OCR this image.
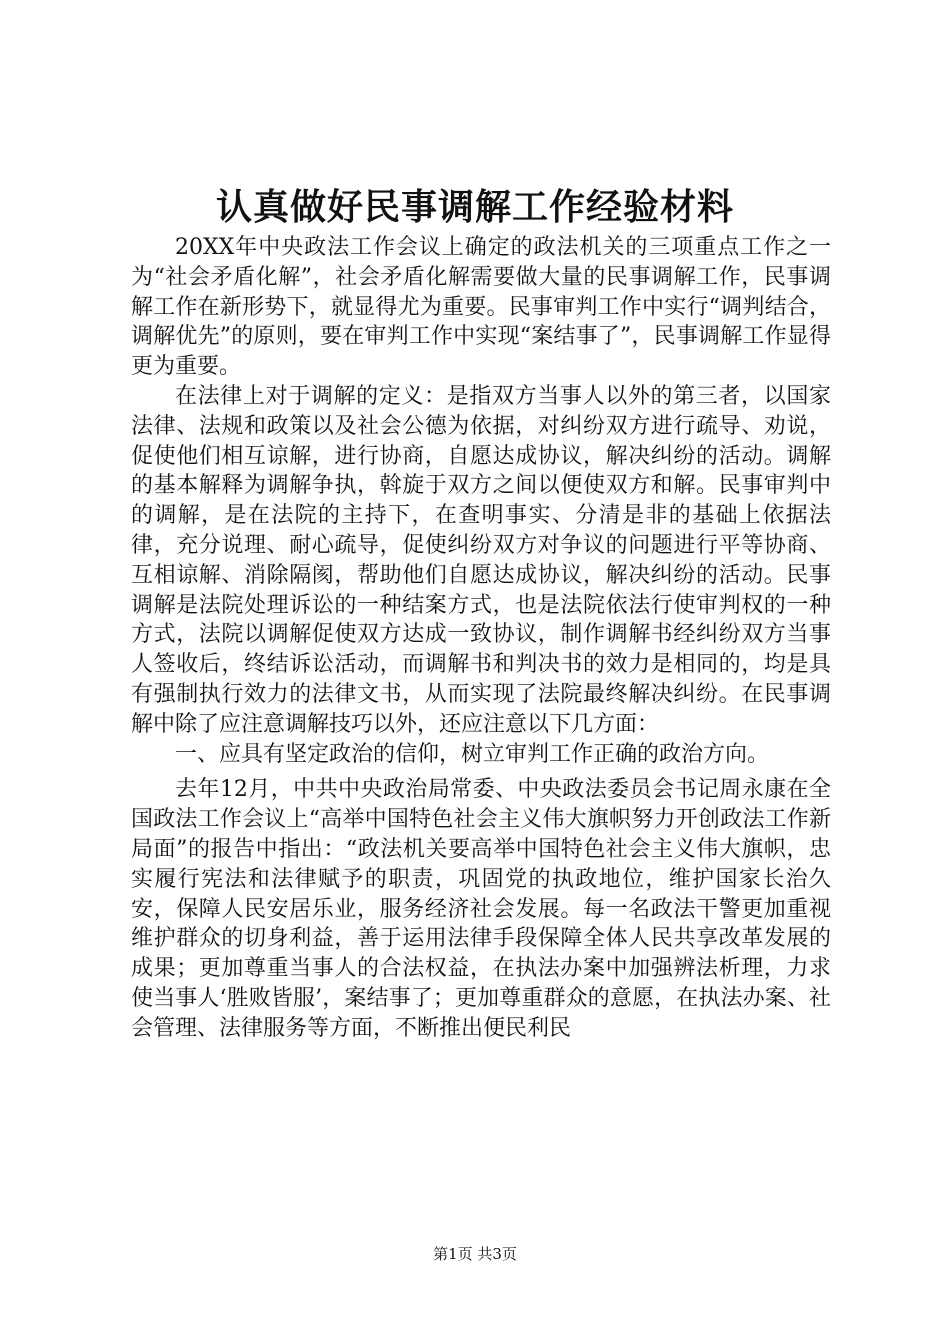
认真做好民事调解工作经验材料

20XX年中央政法工作会议上确定的政法机关的三项重点工作之一为“社会矛盾化解”，社会矛盾化解需要做大量的民事调解工作，民事调解工作在新形势下，就显得尤为重要。民事审判工作中实行“调判结合，调解优先”的原则，要在审判工作中实现“案结事了”，民事调解工作显得更为重要。

在法律上对于调解的定义：是指双方当事人以外的第三者，以国家法律、法规和政策以及社会公德为依据，对纠纷双方进行疏导、劝说，促使他们相互谅解，进行协商，自愿达成协议，解决纠纷的活动。调解的基本解释为调解争执，斡旋于双方之间以便使双方和解。民事审判中的调解，是在法院的主持下，在查明事实、分清是非的基础上依据法律，充分说理、耐心疏导，促使纠纷双方对争议的问题进行平等协商、互相谅解、消除隔阂，帮助他们自愿达成协议，解决纠纷的活动。民事调解是法院处理诉讼的一种结案方式，也是法院依法行使审判权的一种方式，法院以调解促使双方达成一致协议，制作调解书经纠纷双方当事人签收后，终结诉讼活动，而调解书和判决书的效力是相同的，均是具有强制执行效力的法律文书，从而实现了法院最终解决纠纷。在民事调解中除了应注意调解技巧以外，还应注意以下几方面：

一、应具有坚定政治的信仰，树立审判工作正确的政治方向。

去年12月，中共中央政治局常委、中央政法委员会书记周永康在全国政法工作会议上“高举中国特色社会主义伟大旗帜努力开创政法工作新局面”的报告中指出：“政法机关要高举中国特色社会主义伟大旗帜，忠实履行宪法和法律赋予的职责，巩固党的执政地位，维护国家长治久安，保障人民安居乐业，服务经济社会发展。每一名政法干警更加重视维护群众的切身利益，善于运用法律手段保障全体人民共享改革发展的成果；更加尊重当事人的合法权益，在执法办案中加强辨法析理，力求使当事人‘胜败皆服’，案结事了；更加尊重群众的意愿，在执法办案、社会管理、法律服务等方面，不断推出便民利民

第1页 共3页
